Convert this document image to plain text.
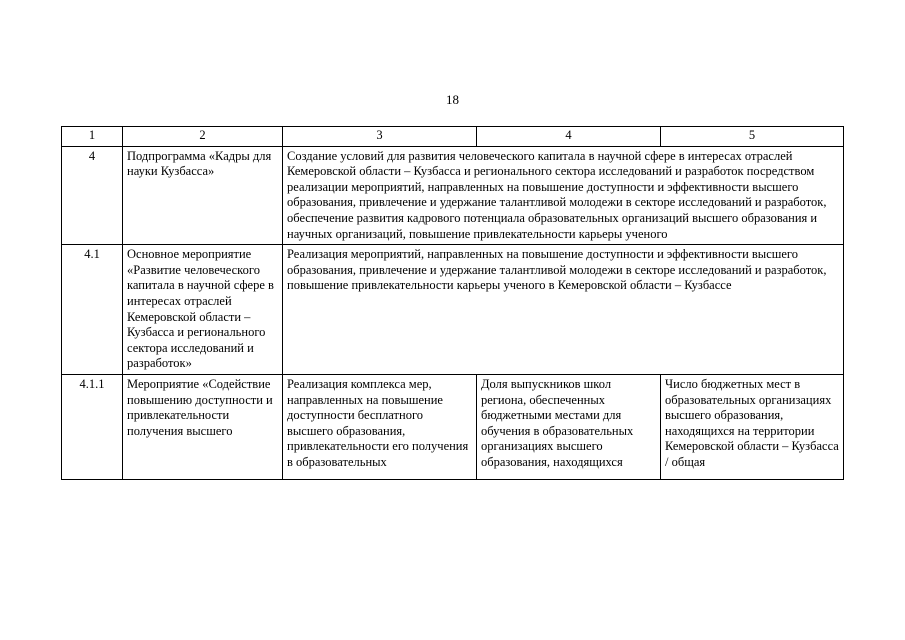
18
1	2	3	4	5
4	Подпрограмма «Кадры для науки Кузбасса»	Создание условий для развития человеческого капитала в научной сфере в интересах отраслей Кемеровской области – Кузбасса и регионального сектора исследований и разработок посредством реализации мероприятий, направленных на повышение доступности и эффективности высшего образования, привлечение и удержание талантливой молодежи в секторе исследований и разработок, обеспечение развития кадрового потенциала образовательных организаций высшего образования и научных организаций, повышение привлекательности карьеры ученого		
4.1	Основное мероприятие «Развитие человеческого капитала в научной сфере в интересах отраслей Кемеровской области – Кузбасса и регионального сектора исследований и разработок»	Реализация мероприятий, направленных на повышение доступности и эффективности высшего образования, привлечение и удержание талантливой молодежи в секторе исследований и разработок, повышение привлекательности карьеры ученого в Кемеровской области – Кузбассе		

4.1.1	Мероприятие «Содействие повышению доступности и привлекательности получения высшего	Реализация комплекса мер, направленных на повышение доступности бесплатного высшего образования, привлекательности его получения в образовательных	Доля выпускников школ региона, обеспеченных бюджетными местами для обучения в образовательных организациях высшего образования, находящихся	Число бюджетных мест в образовательных организациях высшего образования, находящихся на территории Кемеровской области – Кузбасса / общая
